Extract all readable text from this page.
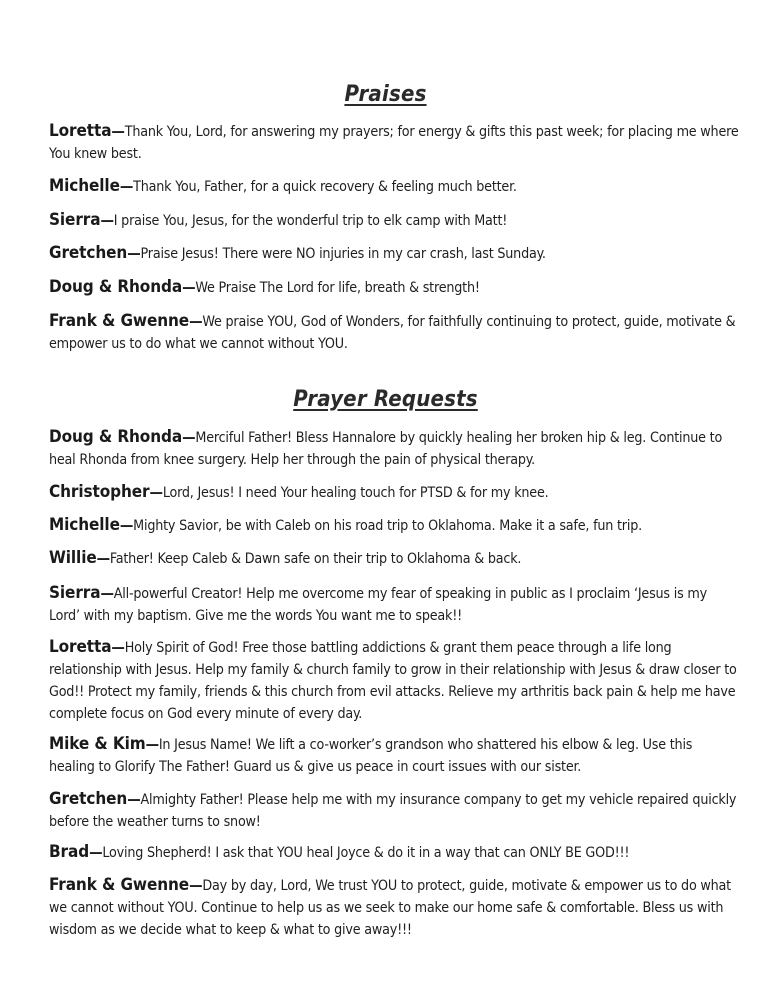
Praises
Loretta—Thank You, Lord, for answering my prayers; for energy & gifts this past week; for placing me where You knew best.
Michelle—Thank You, Father, for a quick recovery & feeling much better.
Sierra—I praise You, Jesus, for the wonderful trip to elk camp with Matt!
Gretchen—Praise Jesus! There were NO injuries in my car crash, last Sunday.
Doug & Rhonda—We Praise The Lord for life, breath & strength!
Frank & Gwenne—We praise YOU, God of Wonders, for faithfully continuing to protect, guide, motivate & empower us to do what we cannot without YOU.
Prayer Requests
Doug & Rhonda—Merciful Father! Bless Hannalore by quickly healing her broken hip & leg. Continue to heal Rhonda from knee surgery. Help her through the pain of physical therapy.
Christopher—Lord, Jesus! I need Your healing touch for PTSD & for my knee.
Michelle—Mighty Savior, be with Caleb on his road trip to Oklahoma. Make it a safe, fun trip.
Willie—Father! Keep Caleb & Dawn safe on their trip to Oklahoma & back.
Sierra—All-powerful Creator! Help me overcome my fear of speaking in public as I proclaim ‘Jesus is my Lord’ with my baptism. Give me the words You want me to speak!!
Loretta—Holy Spirit of God! Free those battling addictions & grant them peace through a life long relationship with Jesus. Help my family & church family to grow in their relationship with Jesus & draw closer to God!! Protect my family, friends & this church from evil attacks. Relieve my arthritis back pain & help me have complete focus on God every minute of every day.
Mike & Kim—In Jesus Name! We lift a co-worker’s grandson who shattered his elbow & leg. Use this healing to Glorify The Father! Guard us & give us peace in court issues with our sister.
Gretchen—Almighty Father! Please help me with my insurance company to get my vehicle repaired quickly before the weather turns to snow!
Brad—Loving Shepherd! I ask that YOU heal Joyce & do it in a way that can ONLY BE GOD!!!
Frank & Gwenne—Day by day, Lord, We trust YOU to protect, guide, motivate & empower us to do what we cannot without YOU. Continue to help us as we seek to make our home safe & comfortable. Bless us with wisdom as we decide what to keep & what to give away!!!
